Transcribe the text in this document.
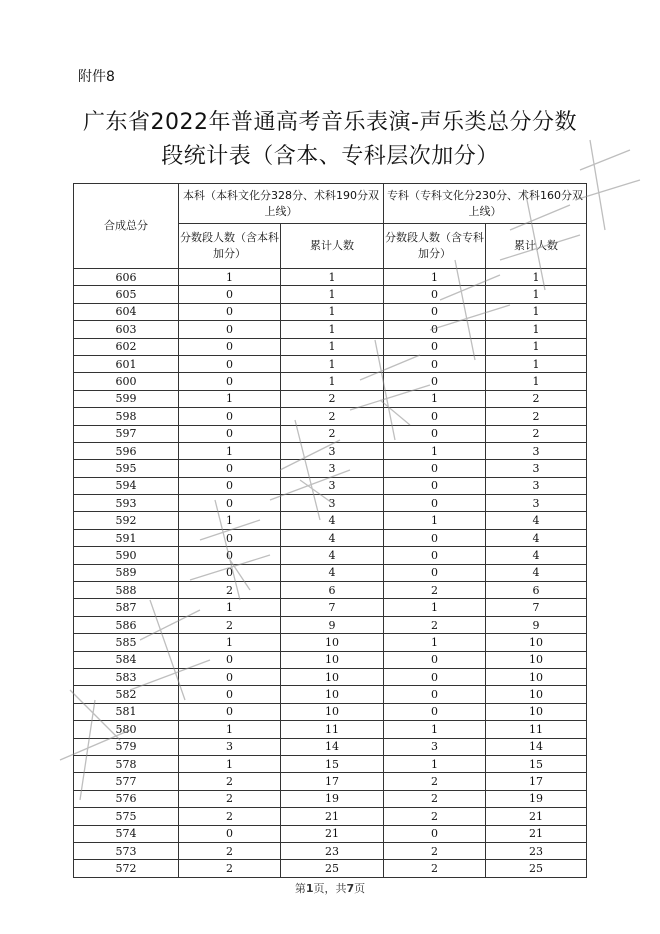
附件8
广东省2022年普通高考音乐表演-声乐类总分分数
段统计表（含本、专科层次加分）
合成总分	本科（本科文化分328分、术科190分双上线）		专科（专科文化分230分、术科160分双上线）	
	分数段人数（含本科加分）	累计人数	分数段人数（含专科加分）	累计人数
606	1	1	1	1
605	0	1	0	1
604	0	1	0	1
603	0	1	0	1
602	0	1	0	1
601	0	1	0	1
600	0	1	0	1
599	1	2	1	2
598	0	2	0	2
597	0	2	0	2
596	1	3	1	3
595	0	3	0	3
594	0	3	0	3
593	0	3	0	3
592	1	4	1	4
591	0	4	0	4
590	0	4	0	4
589	0	4	0	4
588	2	6	2	6
587	1	7	1	7
586	2	9	2	9
585	1	10	1	10
584	0	10	0	10
583	0	10	0	10
582	0	10	0	10
581	0	10	0	10
580	1	11	1	11
579	3	14	3	14
578	1	15	1	15
577	2	17	2	17
576	2	19	2	19
575	2	21	2	21
574	0	21	0	21
573	2	23	2	23
572	2	25	2	25
第1页，共7页
